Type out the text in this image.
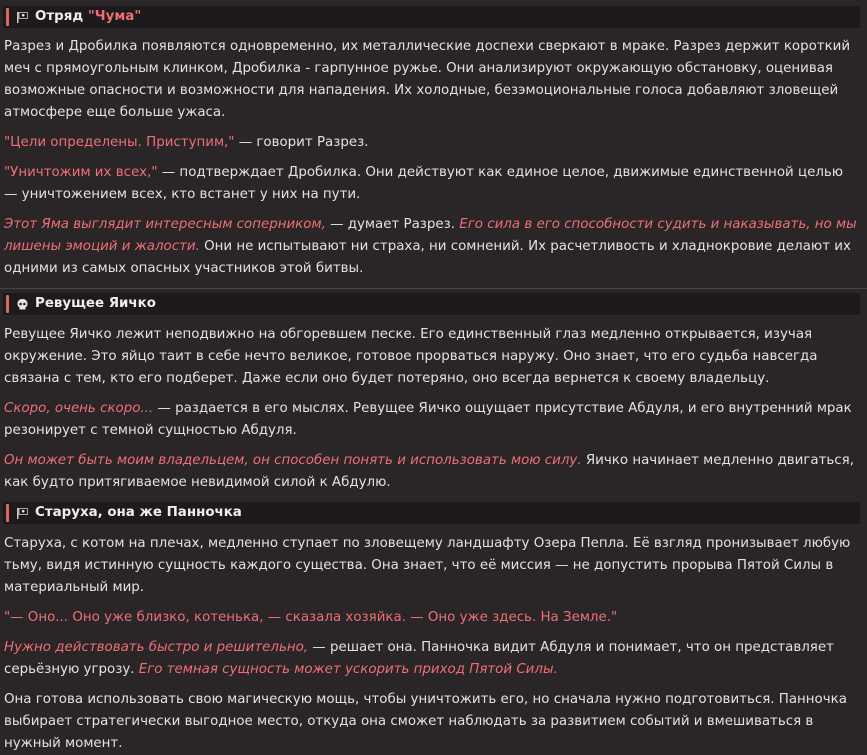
Отряд "Чума"

Разрез и Дробилка появляются одновременно, их металлические доспехи сверкают в мраке. Разрез держит короткий меч с прямоугольным клинком, Дробилка - гарпунное ружье. Они анализируют окружающую обстановку, оценивая возможные опасности и возможности для нападения. Их холодные, безэмоциональные голоса добавляют зловещей атмосфере еще больше ужаса.

"Цели определены. Приступим," — говорит Разрез.

"Уничтожим их всех," — подтверждает Дробилка. Они действуют как единое целое, движимые единственной целью — уничтожением всех, кто встанет у них на пути.

Этот Яма выглядит интересным соперником, — думает Разрез. Его сила в его способности судить и наказывать, но мы лишены эмоций и жалости. Они не испытывают ни страха, ни сомнений. Их расчетливость и хладнокровие делают их одними из самых опасных участников этой битвы.

Ревущее Яичко

Ревущее Яичко лежит неподвижно на обгоревшем песке. Его единственный глаз медленно открывается, изучая окружение. Это яйцо таит в себе нечто великое, готовое прорваться наружу. Оно знает, что его судьба навсегда связана с тем, кто его подберет. Даже если оно будет потеряно, оно всегда вернется к своему владельцу.

Скоро, очень скоро... — раздается в его мыслях. Ревущее Яичко ощущает присутствие Абдуля, и его внутренний мрак резонирует с темной сущностью Абдуля.

Он может быть моим владельцем, он способен понять и использовать мою силу. Яичко начинает медленно двигаться, как будто притягиваемое невидимой силой к Абдулю.

Старуха, она же Панночка

Старуха, с котом на плечах, медленно ступает по зловещему ландшафту Озера Пепла. Её взгляд пронизывает любую тьму, видя истинную сущность каждого существа. Она знает, что её миссия — не допустить прорыва Пятой Силы в материальный мир.

"— Оно... Оно уже близко, котенька, — сказала хозяйка. — Оно уже здесь. На Земле."

Нужно действовать быстро и решительно, — решает она. Панночка видит Абдуля и понимает, что он представляет серьёзную угрозу. Его темная сущность может ускорить приход Пятой Силы.

Она готова использовать свою магическую мощь, чтобы уничтожить его, но сначала нужно подготовиться. Панночка выбирает стратегически выгодное место, откуда она сможет наблюдать за развитием событий и вмешиваться в нужный момент.
